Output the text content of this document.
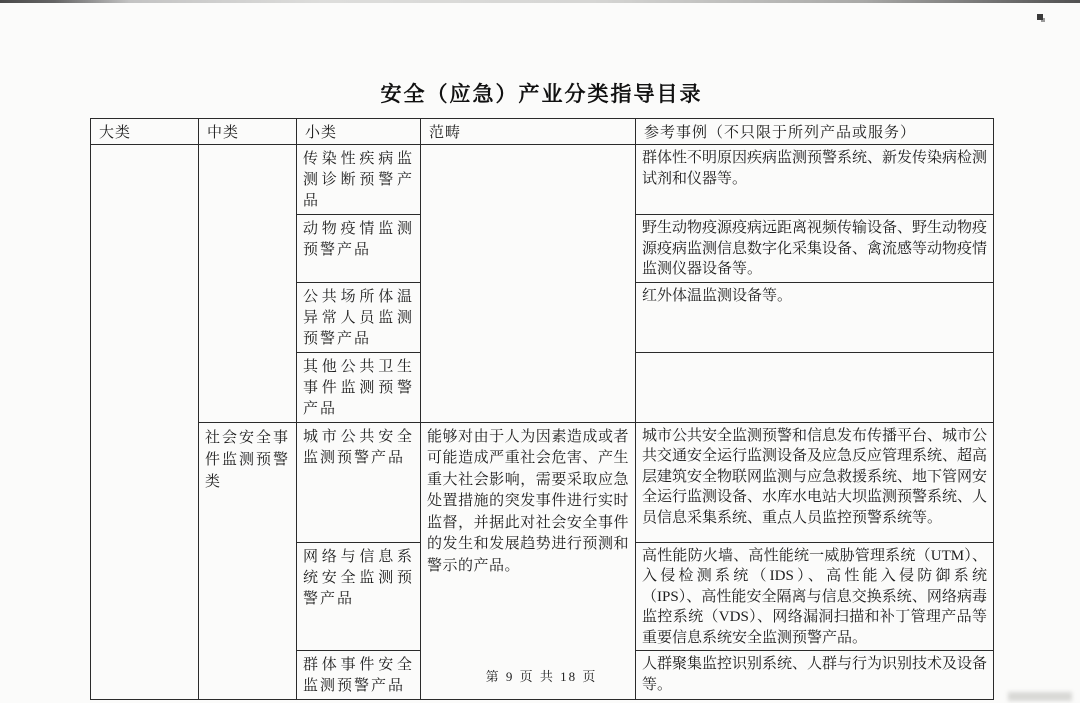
安全（应急）产业分类指导目录
大类	中类	小类	范畴	参考事例（不只限于所列产品或服务）
		传染性疾病监测诊断预警产品		群体性不明原因疾病监测预警系统、新发传染病检测试剂和仪器等。
		动物疫情监测预警产品		野生动物疫源疫病远距离视频传输设备、野生动物疫源疫病监测信息数字化采集设备、禽流感等动物疫情监测仪器设备等。
		公共场所体温异常人员监测预警产品		红外体温监测设备等。
		其他公共卫生事件监测预警产品		
	社会安全事件监测预警类	城市公共安全监测预警产品	能够对由于人为因素造成或者可能造成严重社会危害、产生重大社会影响，需要采取应急处置措施的突发事件进行实时监督，并据此对社会安全事件的发生和发展趋势进行预测和警示的产品。	城市公共安全监测预警和信息发布传播平台、城市公共交通安全运行监测设备及应急反应管理系统、超高层建筑安全物联网监测与应急救援系统、地下管网安全运行监测设备、水库水电站大坝监测预警系统、人员信息采集系统、重点人员监控预警系统等。
		网络与信息系统安全监测预警产品		高性能防火墙、高性能统一威胁管理系统（UTM）、入侵检测系统（IDS）、高性能入侵防御系统（IPS）、高性能安全隔离与信息交换系统、网络病毒监控系统（VDS）、网络漏洞扫描和补丁管理产品等重要信息系统安全监测预警产品。
		群体事件安全监测预警产品		人群聚集监控识别系统、人群与行为识别技术及设备等。
第 9 页 共 18 页
